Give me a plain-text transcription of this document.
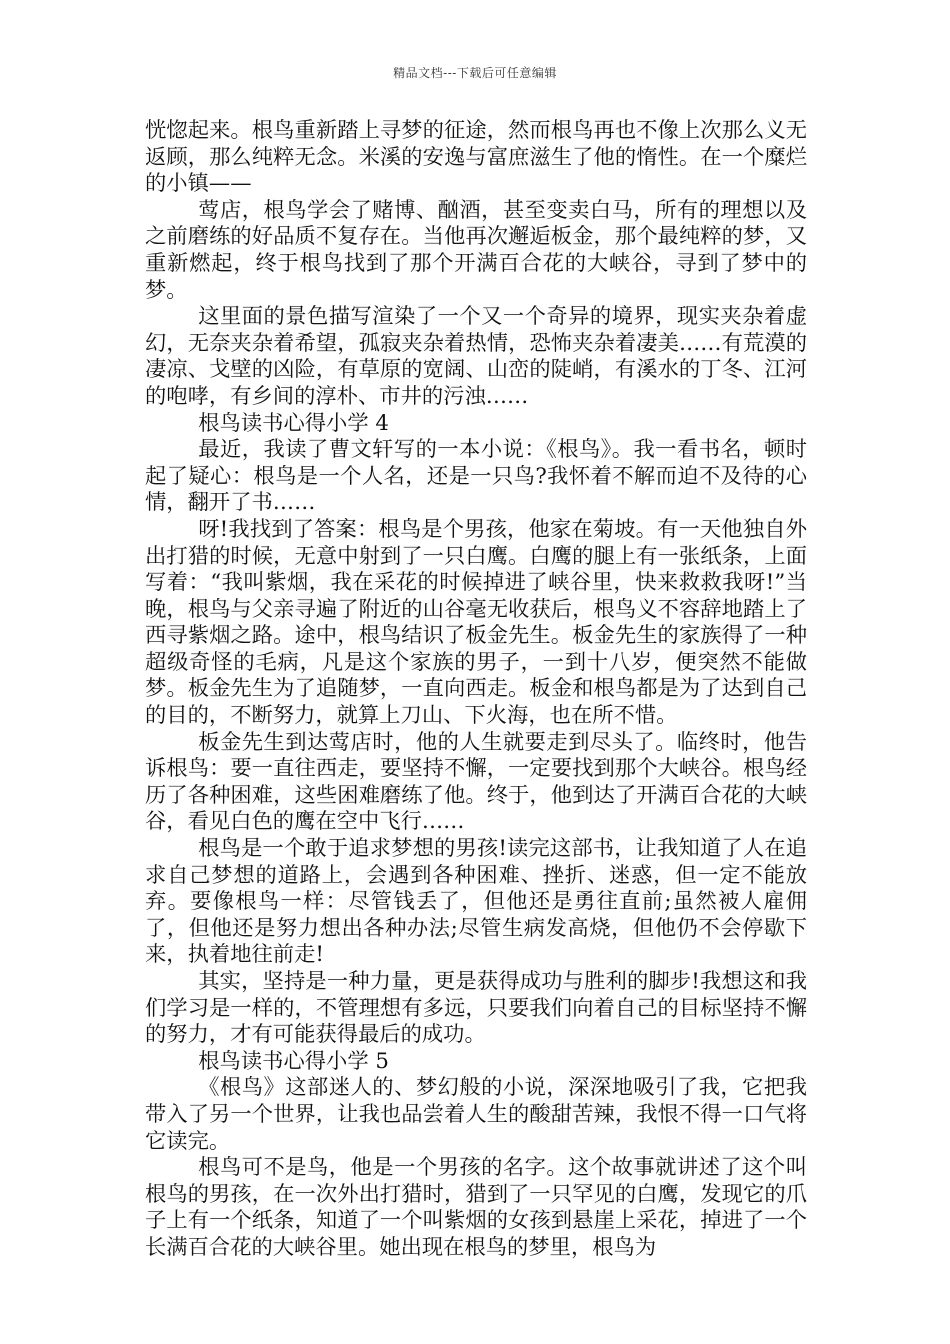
精品文档---下载后可任意编辑

恍惚起来。根鸟重新踏上寻梦的征途，然而根鸟再也不像上次那么义无返顾，那么纯粹无念。米溪的安逸与富庶滋生了他的惰性。在一个糜烂的小镇——

莺店，根鸟学会了赌博、酗酒，甚至变卖白马，所有的理想以及之前磨练的好品质不复存在。当他再次邂逅板金，那个最纯粹的梦，又重新燃起，终于根鸟找到了那个开满百合花的大峡谷，寻到了梦中的梦。

这里面的景色描写渲染了一个又一个奇异的境界，现实夹杂着虚幻，无奈夹杂着希望，孤寂夹杂着热情，恐怖夹杂着凄美……有荒漠的凄凉、戈壁的凶险，有草原的宽阔、山峦的陡峭，有溪水的丁冬、江河的咆哮，有乡间的淳朴、市井的污浊……

根鸟读书心得小学 4

最近，我读了曹文轩写的一本小说：《根鸟》。我一看书名，顿时起了疑心：根鸟是一个人名，还是一只鸟?我怀着不解而迫不及待的心情，翻开了书……

呀!我找到了答案：根鸟是个男孩，他家在菊坡。有一天他独自外出打猎的时候，无意中射到了一只白鹰。白鹰的腿上有一张纸条，上面写着：“我叫紫烟，我在采花的时候掉进了峡谷里，快来救救我呀!”当晚，根鸟与父亲寻遍了附近的山谷毫无收获后，根鸟义不容辞地踏上了西寻紫烟之路。途中，根鸟结识了板金先生。板金先生的家族得了一种超级奇怪的毛病，凡是这个家族的男子，一到十八岁，便突然不能做梦。板金先生为了追随梦，一直向西走。板金和根鸟都是为了达到自己的目的，不断努力，就算上刀山、下火海，也在所不惜。

板金先生到达莺店时，他的人生就要走到尽头了。临终时，他告诉根鸟：要一直往西走，要坚持不懈，一定要找到那个大峡谷。根鸟经历了各种困难，这些困难磨练了他。终于，他到达了开满百合花的大峡谷，看见白色的鹰在空中飞行……

根鸟是一个敢于追求梦想的男孩!读完这部书，让我知道了人在追求自己梦想的道路上，会遇到各种困难、挫折、迷惑，但一定不能放弃。要像根鸟一样：尽管钱丢了，但他还是勇往直前;虽然被人雇佣了，但他还是努力想出各种办法;尽管生病发高烧，但他仍不会停歇下来，执着地往前走!

其实，坚持是一种力量，更是获得成功与胜利的脚步!我想这和我们学习是一样的，不管理想有多远，只要我们向着自己的目标坚持不懈的努力，才有可能获得最后的成功。

根鸟读书心得小学 5

《根鸟》这部迷人的、梦幻般的小说，深深地吸引了我，它把我带入了另一个世界，让我也品尝着人生的酸甜苦辣，我恨不得一口气将它读完。

根鸟可不是鸟，他是一个男孩的名字。这个故事就讲述了这个叫根鸟的男孩，在一次外出打猎时，猎到了一只罕见的白鹰，发现它的爪子上有一个纸条，知道了一个叫紫烟的女孩到悬崖上采花，掉进了一个长满百合花的大峡谷里。她出现在根鸟的梦里，根鸟为
